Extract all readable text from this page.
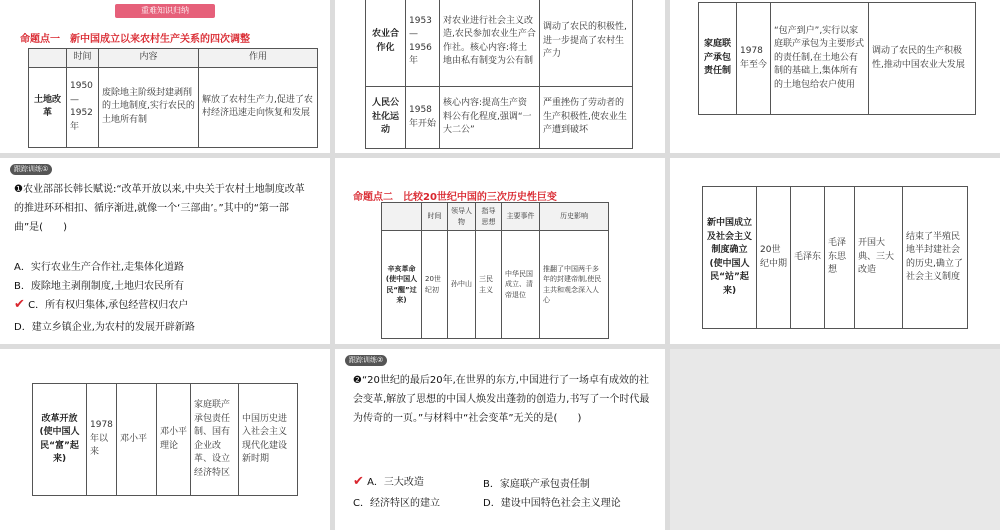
重难知识归纳
命题点一　新中国成立以来农村生产关系的四次调整
	时间	内容	作用
土地改革	1950—1952年	废除地主阶级封建剥削的土地制度,实行农民的土地所有制	解放了农村生产力,促进了农村经济迅速走向恢复和发展
农业合作化	1953—1956年	对农业进行社会主义改造,农民参加农业生产合作社。核心内容:将土地由私有制变为公有制	调动了农民的积极性,进一步提高了农村生产力
人民公社化运动	1958年开始	核心内容:提高生产资料公有化程度,强调“一大二公”	严重挫伤了劳动者的生产积极性,使农业生产遭到破坏
家庭联产承包责任制	1978年至今	“包产到户”,实行以家庭联产承包为主要形式的责任制,在土地公有制的基础上,集体所有的土地包给农户使用	调动了农民的生产积极性,推动中国农业大发展
跟踪训练①
❶农业部部长韩长赋说:“改革开放以来,中央关于农村土地制度改革的推进环环相扣、循序渐进,就像一个‘三部曲’。”其中的“第一部曲”是(　　)
A．实行农业生产合作社,走集体化道路
B．废除地主剥削制度,土地归农民所有
✔ C．所有权归集体,承包经营权归农户
D．建立乡镇企业,为农村的发展开辟新路
命题点二　比较20世纪中国的三次历史性巨变
	时间	领导人物	指导思想	主要事件	历史影响
辛亥革命(使中国人民“醒”过来)	20世纪初	孙中山	三民主义	中华民国成立、清帝退位	推翻了中国两千多年的封建帝制,使民主共和观念深入人心
新中国成立及社会主义制度确立(使中国人民“站”起来)	20世纪中期	毛泽东	毛泽东思想	开国大典、三大改造	结束了半殖民地半封建社会的历史,确立了社会主义制度
改革开放(使中国人民“富”起来)	1978年以来	邓小平	邓小平理论	家庭联产承包责任制、国有企业改革、设立经济特区	中国历史进入社会主义现代化建设新时期
跟踪训练②
❷“20世纪的最后20年,在世界的东方,中国进行了一场卓有成效的社会变革,解放了思想的中国人焕发出蓬勃的创造力,书写了一个时代最为传奇的一页。”与材料中“社会变革”无关的是(　　)
✔ A．三大改造	B．家庭联产承包责任制
C．经济特区的建立	D．建设中国特色社会主义理论
